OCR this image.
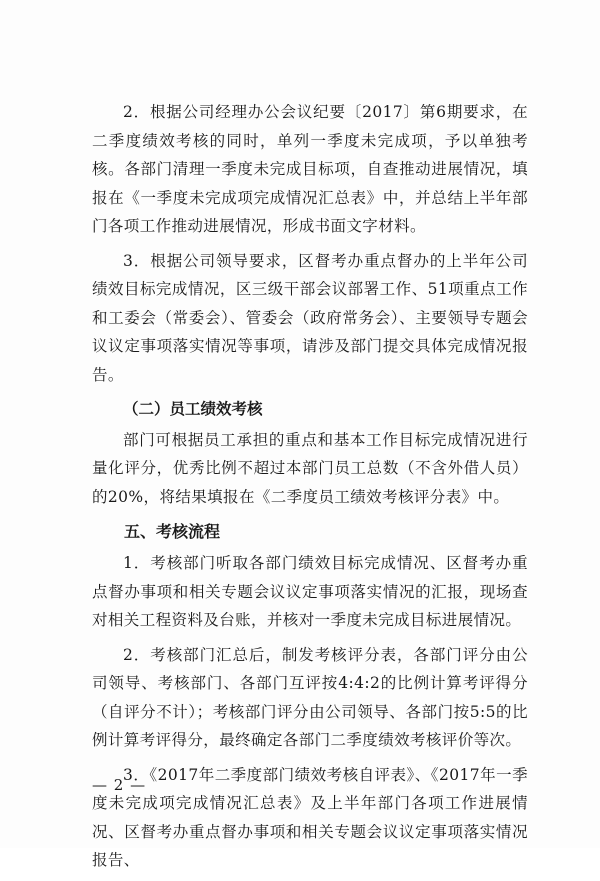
2．根据公司经理办公会议纪要〔2017〕第6期要求，在二季度绩效考核的同时，单列一季度未完成项，予以单独考核。各部门清理一季度未完成目标项，自查推动进展情况，填报在《一季度未完成项完成情况汇总表》中，并总结上半年部门各项工作推动进展情况，形成书面文字材料。

3．根据公司领导要求，区督考办重点督办的上半年公司绩效目标完成情况，区三级干部会议部署工作、51项重点工作和工委会（常委会）、管委会（政府常务会）、主要领导专题会议议定事项落实情况等事项，请涉及部门提交具体完成情况报告。

（二）员工绩效考核

部门可根据员工承担的重点和基本工作目标完成情况进行量化评分，优秀比例不超过本部门员工总数（不含外借人员）的20%，将结果填报在《二季度员工绩效考核评分表》中。

五、考核流程

1．考核部门听取各部门绩效目标完成情况、区督考办重点督办事项和相关专题会议议定事项落实情况的汇报，现场查对相关工程资料及台账，并核对一季度未完成目标进展情况。

2．考核部门汇总后，制发考核评分表，各部门评分由公司领导、考核部门、各部门互评按4:4:2的比例计算考评得分（自评分不计）；考核部门评分由公司领导、各部门按5:5的比例计算考评得分，最终确定各部门二季度绩效考核评价等次。

3．《2017年二季度部门绩效考核自评表》、《2017年一季度未完成项完成情况汇总表》及上半年部门各项工作进展情况、区督考办重点督办事项和相关专题会议议定事项落实情况报告、

— 2 —
